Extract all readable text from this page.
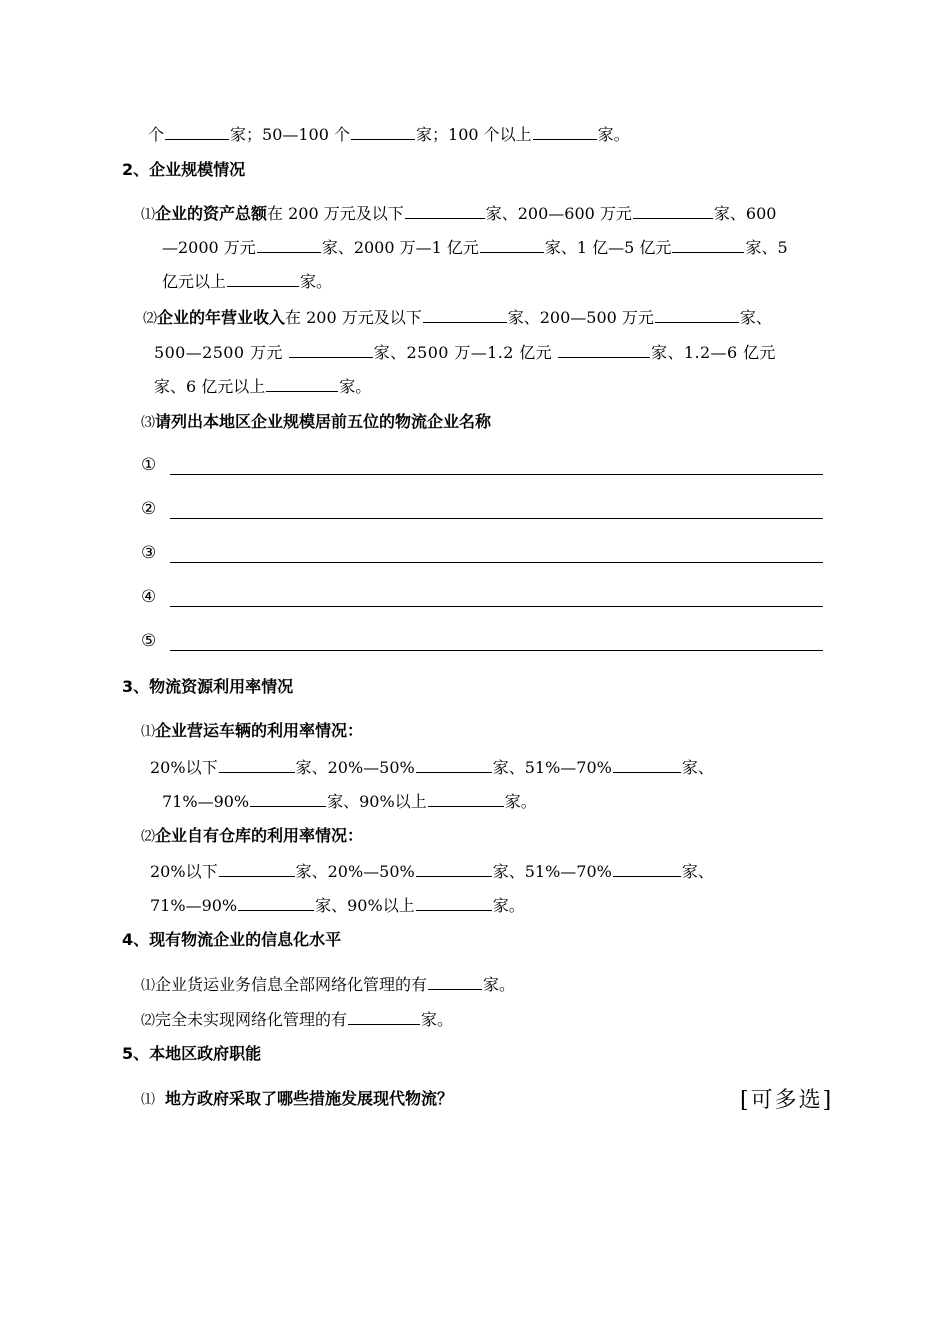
个	家；50—100 个	家；100 个以上	家。
2、企业规模情况
⑴企业的资产总额在 200 万元及以下	家、200—600 万元	家、600
—2000 万元	家、2000 万—1 亿元	家、1 亿—5 亿元	家、5
亿元以上	家。
⑵企业的年营业收入在 200 万元及以下	家、200—500 万元	家、
500—2500 万元	家、2500 万—1.2 亿元	家、1.2—6 亿元
家、6 亿元以上	家。
⑶请列出本地区企业规模居前五位的物流企业名称
①
②
③
④
⑤
3、物流资源利用率情况
⑴企业营运车辆的利用率情况：
20%以下	家、20%—50%	家、51%—70%	家、
71%—90%	家、90%以上	家。
⑵企业自有仓库的利用率情况：
20%以下	家、20%—50%	家、51%—70%	家、
71%—90%	家、90%以上	家。
4、现有物流企业的信息化水平
⑴企业货运业务信息全部网络化管理的有	家。
⑵完全未实现网络化管理的有	家。
5、本地区政府职能
⑴ 地方政府采取了哪些措施发展现代物流？	[可多选]
